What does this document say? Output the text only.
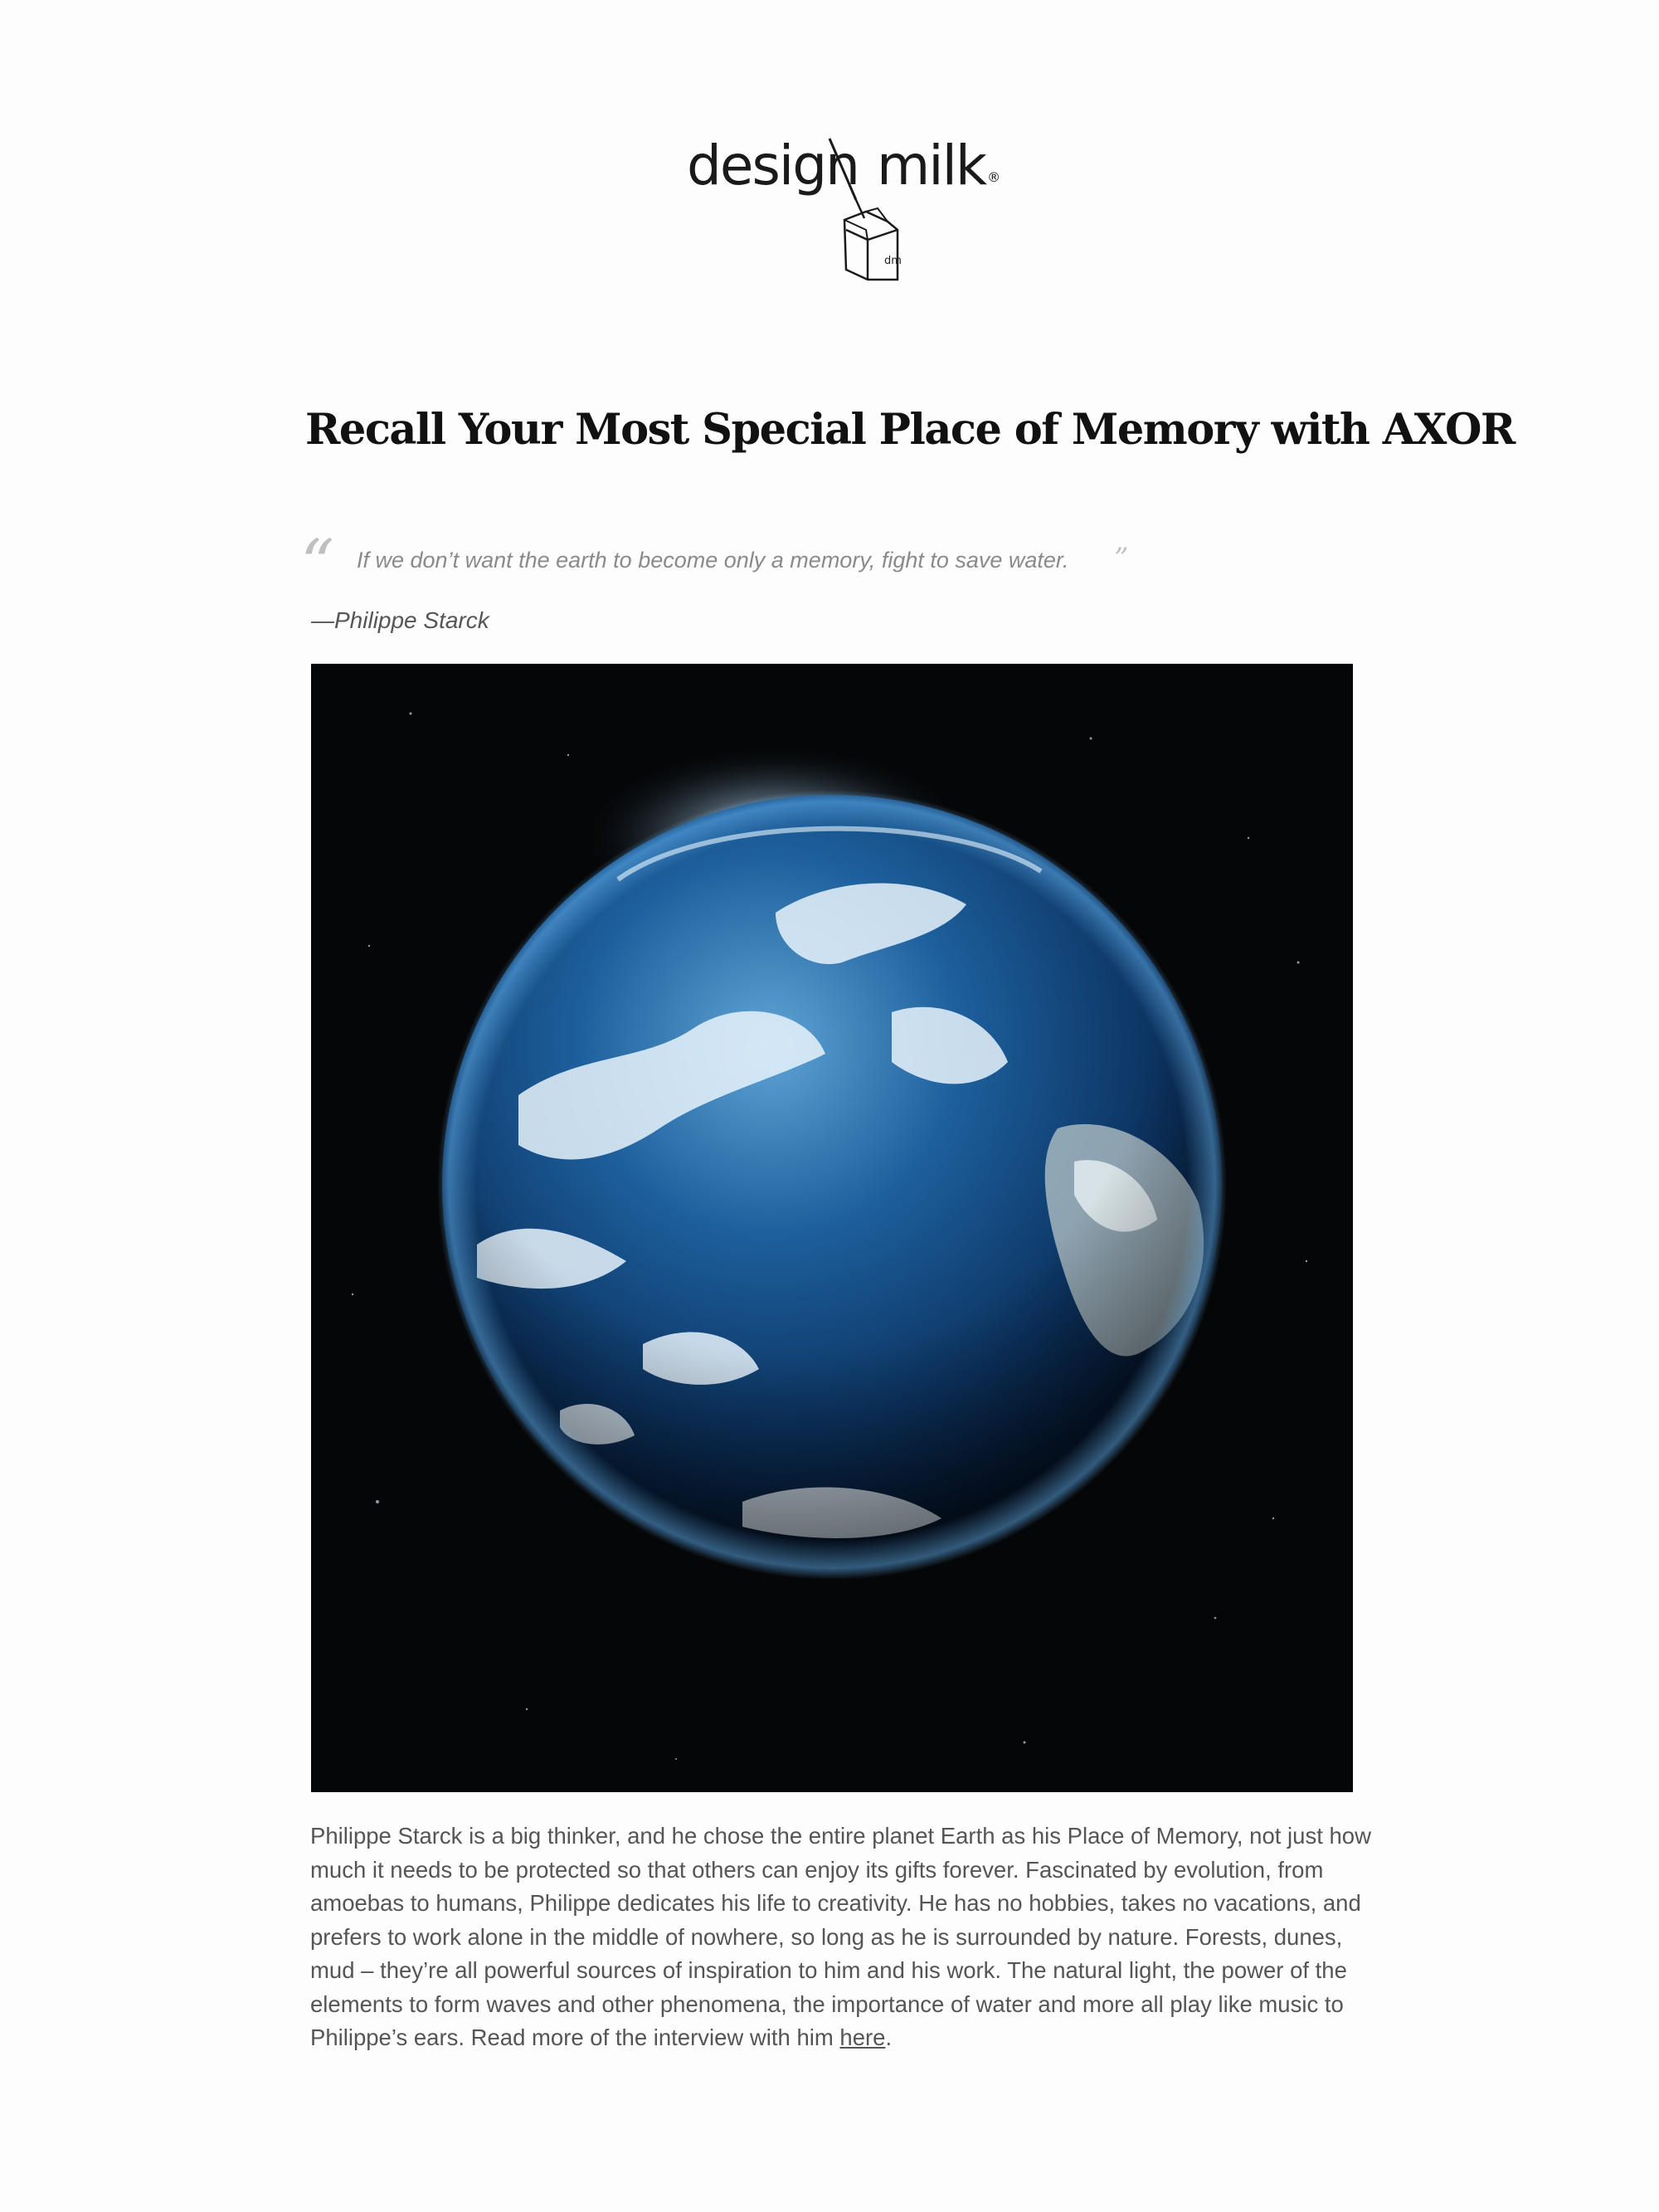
design milk ®
dm
Recall Your Most Special Place of Memory with AXOR
“ If we don’t want the earth to become only a memory, fight to save water. ”
—Philippe Starck

Philippe Starck is a big thinker, and he chose the entire planet Earth as his Place of Memory, not just how much it needs to be protected so that others can enjoy its gifts forever. Fascinated by evolution, from amoebas to humans, Philippe dedicates his life to creativity. He has no hobbies, takes no vacations, and prefers to work alone in the middle of nowhere, so long as he is surrounded by nature. Forests, dunes, mud – they’re all powerful sources of inspiration to him and his work. The natural light, the power of the elements to form waves and other phenomena, the importance of water and more all play like music to Philippe’s ears. Read more of the interview with him here.
